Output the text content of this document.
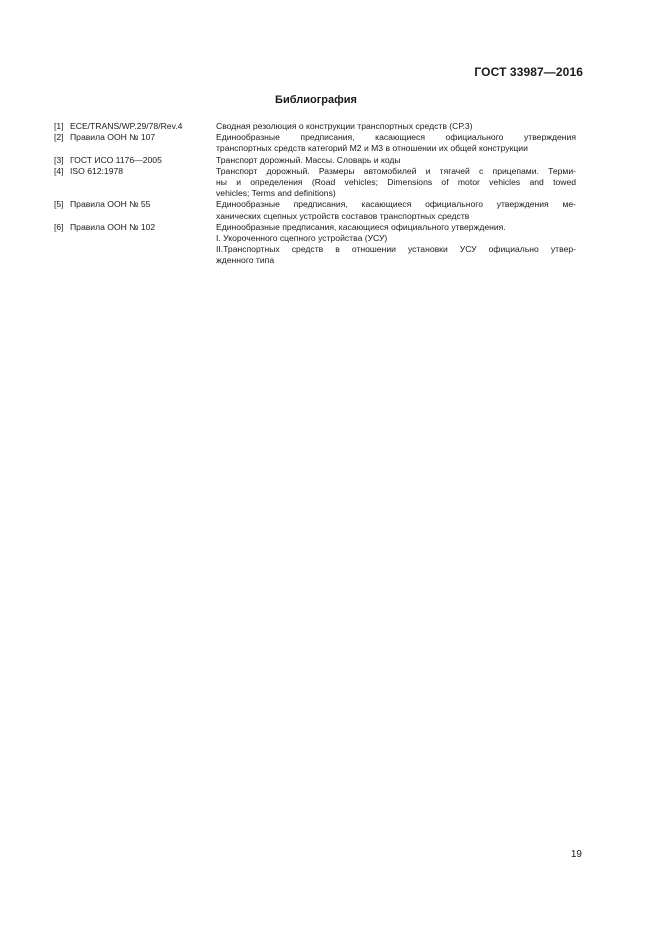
ГОСТ 33987—2016
Библиография
[1] ECE/TRANS/WP.29/78/Rev.4	Сводная резолюция о конструкции транспортных средств (СР.3)
[2] Правила ООН № 107	Единообразные предписания, касающиеся официального утверждения
транспортных средств категорий М2 и М3 в отношении их общей конструкции
[3] ГОСТ ИСО 1176—2005	Транспорт дорожный. Массы. Словарь и коды
[4] ISO 612:1978	Транспорт дорожный. Размеры автомобилей и тягачей с прицепами. Терми-
ны и определения (Road vehicles; Dimensions of motor vehicles and towed
vehicles; Terms and definitions)
[5] Правила ООН № 55	Единообразные предписания, касающиеся официального утверждения ме-
ханических сцепных устройств составов транспортных средств
[6] Правила ООН № 102	Единообразные предписания, касающиеся официального утверждения.
I. Укороченного сцепного устройства (УСУ)
II.Транспортных средств в отношении установки УСУ официально утвер-
жденного типа
19
